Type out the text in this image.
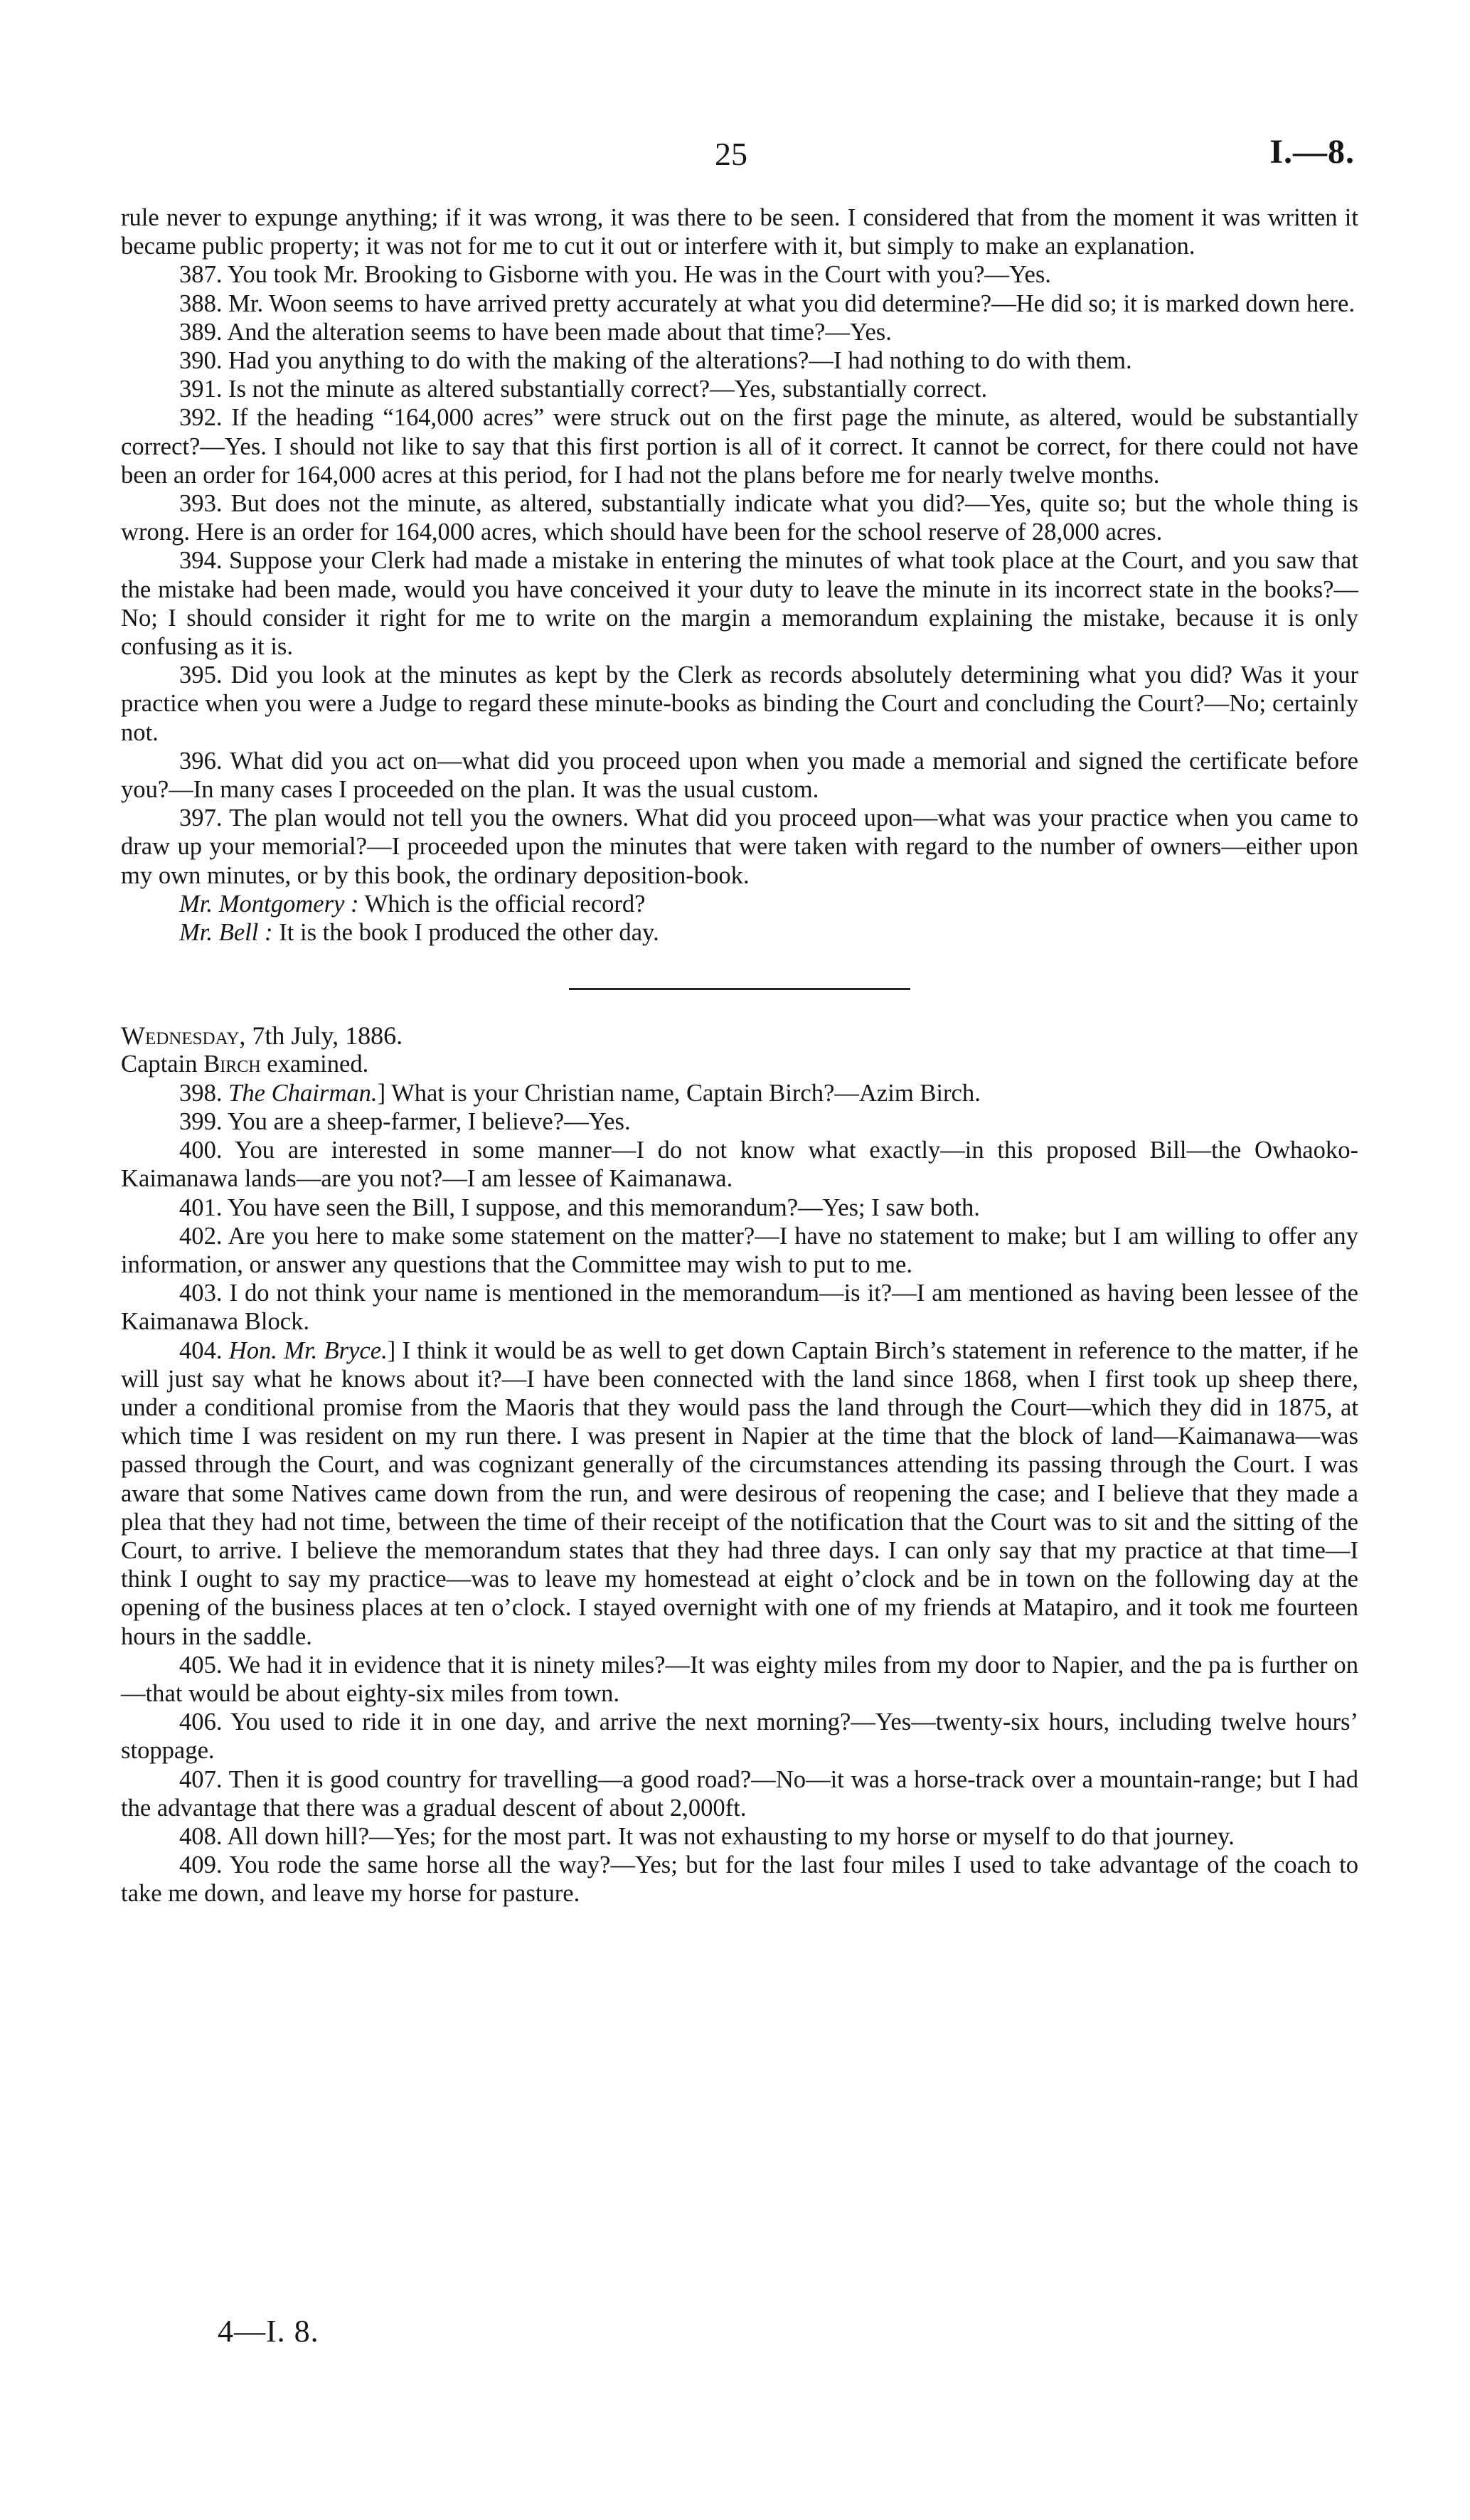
25	I.—8.

rule never to expunge anything; if it was wrong, it was there to be seen. I considered that from the moment it was written it became public property; it was not for me to cut it out or interfere with it, but simply to make an explanation.

387. You took Mr. Brooking to Gisborne with you. He was in the Court with you?—Yes.

388. Mr. Woon seems to have arrived pretty accurately at what you did determine?—He did so; it is marked down here.

389. And the alteration seems to have been made about that time?—Yes.

390. Had you anything to do with the making of the alterations?—I had nothing to do with them.

391. Is not the minute as altered substantially correct?—Yes, substantially correct.

392. If the heading “164,000 acres” were struck out on the first page the minute, as altered, would be substantially correct?—Yes. I should not like to say that this first portion is all of it correct. It cannot be correct, for there could not have been an order for 164,000 acres at this period, for I had not the plans before me for nearly twelve months.

393. But does not the minute, as altered, substantially indicate what you did?—Yes, quite so; but the whole thing is wrong. Here is an order for 164,000 acres, which should have been for the school reserve of 28,000 acres.

394. Suppose your Clerk had made a mistake in entering the minutes of what took place at the Court, and you saw that the mistake had been made, would you have conceived it your duty to leave the minute in its incorrect state in the books?—No; I should consider it right for me to write on the margin a memorandum explaining the mistake, because it is only confusing as it is.

395. Did you look at the minutes as kept by the Clerk as records absolutely determining what you did? Was it your practice when you were a Judge to regard these minute-books as binding the Court and concluding the Court?—No; certainly not.

396. What did you act on—what did you proceed upon when you made a memorial and signed the certificate before you?—In many cases I proceeded on the plan. It was the usual custom.

397. The plan would not tell you the owners. What did you proceed upon—what was your practice when you came to draw up your memorial?—I proceeded upon the minutes that were taken with regard to the number of owners—either upon my own minutes, or by this book, the ordinary deposition-book.

Mr. Montgomery : Which is the official record?

Mr. Bell : It is the book I produced the other day.

Wednesday, 7th July, 1886.

Captain Birch examined.

398. The Chairman.] What is your Christian name, Captain Birch?—Azim Birch.

399. You are a sheep-farmer, I believe?—Yes.

400. You are interested in some manner—I do not know what exactly—in this proposed Bill—the Owhaoko-Kaimanawa lands—are you not?—I am lessee of Kaimanawa.

401. You have seen the Bill, I suppose, and this memorandum?—Yes; I saw both.

402. Are you here to make some statement on the matter?—I have no statement to make; but I am willing to offer any information, or answer any questions that the Committee may wish to put to me.

403. I do not think your name is mentioned in the memorandum—is it?—I am mentioned as having been lessee of the Kaimanawa Block.

404. Hon. Mr. Bryce.] I think it would be as well to get down Captain Birch’s statement in reference to the matter, if he will just say what he knows about it?—I have been connected with the land since 1868, when I first took up sheep there, under a conditional promise from the Maoris that they would pass the land through the Court—which they did in 1875, at which time I was resident on my run there. I was present in Napier at the time that the block of land—Kaimanawa—was passed through the Court, and was cognizant generally of the circumstances attending its passing through the Court. I was aware that some Natives came down from the run, and were desirous of reopening the case; and I believe that they made a plea that they had not time, between the time of their receipt of the notification that the Court was to sit and the sitting of the Court, to arrive. I believe the memorandum states that they had three days. I can only say that my practice at that time—I think I ought to say my practice—was to leave my homestead at eight o’clock and be in town on the following day at the opening of the business places at ten o’clock. I stayed overnight with one of my friends at Matapiro, and it took me fourteen hours in the saddle.

405. We had it in evidence that it is ninety miles?—It was eighty miles from my door to Napier, and the pa is further on—that would be about eighty-six miles from town.

406. You used to ride it in one day, and arrive the next morning?—Yes—twenty-six hours, including twelve hours’ stoppage.

407. Then it is good country for travelling—a good road?—No—it was a horse-track over a mountain-range; but I had the advantage that there was a gradual descent of about 2,000ft.

408. All down hill?—Yes; for the most part. It was not exhausting to my horse or myself to do that journey.

409. You rode the same horse all the way?—Yes; but for the last four miles I used to take advantage of the coach to take me down, and leave my horse for pasture.

4—I. 8.
